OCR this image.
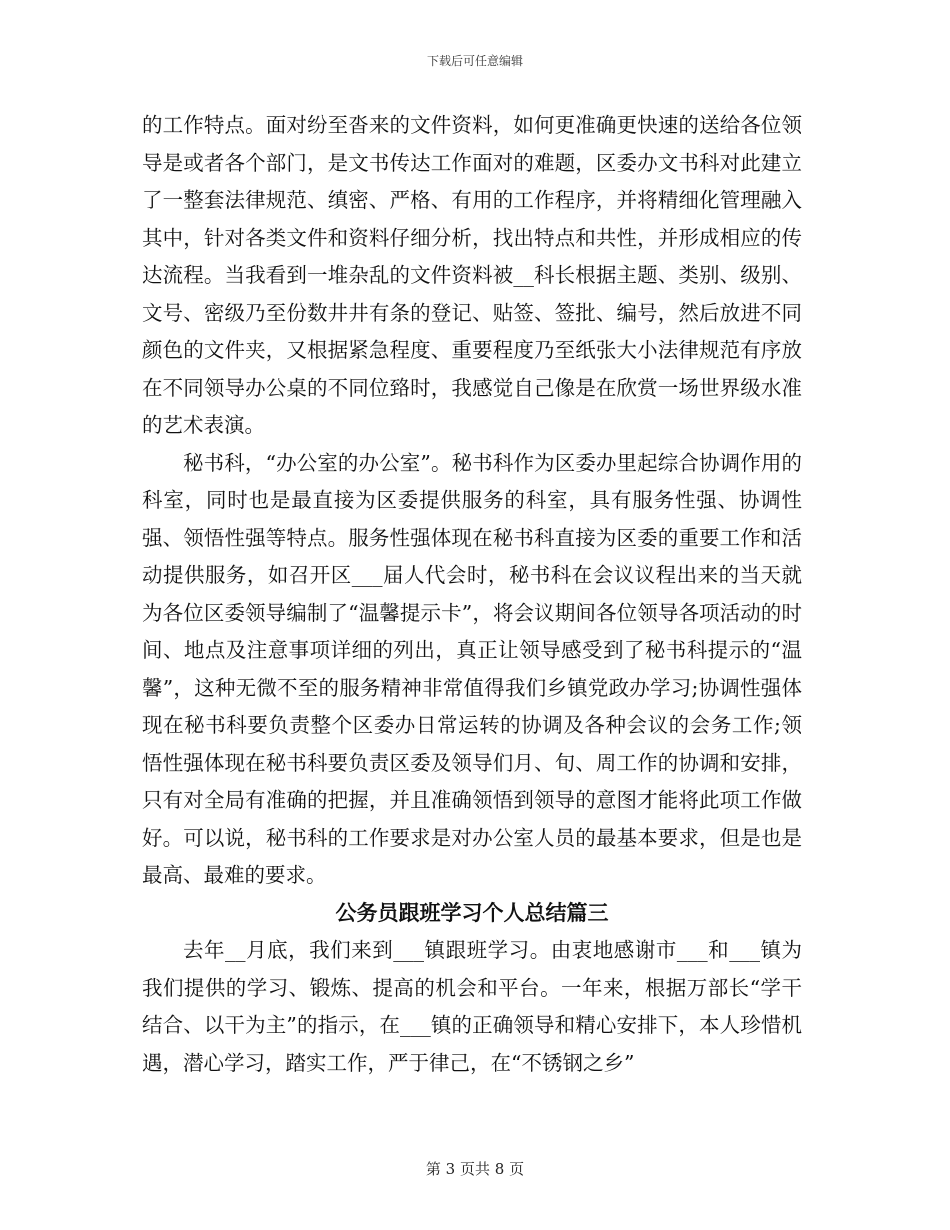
下载后可任意编辑

的工作特点。面对纷至沓来的文件资料，如何更准确更快速的送给各位领导是或者各个部门，是文书传达工作面对的难题，区委办文书科对此建立了一整套法律规范、缜密、严格、有用的工作程序，并将精细化管理融入其中，针对各类文件和资料仔细分析，找出特点和共性，并形成相应的传达流程。当我看到一堆杂乱的文件资料被__科长根据主题、类别、级别、文号、密级乃至份数井井有条的登记、贴签、签批、编号，然后放进不同颜色的文件夹，又根据紧急程度、重要程度乃至纸张大小法律规范有序放在不同领导办公桌的不同位臵时，我感觉自己像是在欣赏一场世界级水准的艺术表演。

秘书科，“办公室的办公室”。秘书科作为区委办里起综合协调作用的科室，同时也是最直接为区委提供服务的科室，具有服务性强、协调性强、领悟性强等特点。服务性强体现在秘书科直接为区委的重要工作和活动提供服务，如召开区___届人代会时，秘书科在会议议程出来的当天就为各位区委领导编制了“温馨提示卡”，将会议期间各位领导各项活动的时间、地点及注意事项详细的列出，真正让领导感受到了秘书科提示的“温馨”，这种无微不至的服务精神非常值得我们乡镇党政办学习;协调性强体现在秘书科要负责整个区委办日常运转的协调及各种会议的会务工作;领悟性强体现在秘书科要负责区委及领导们月、旬、周工作的协调和安排，只有对全局有准确的把握，并且准确领悟到领导的意图才能将此项工作做好。可以说，秘书科的工作要求是对办公室人员的最基本要求，但是也是最高、最难的要求。

公务员跟班学习个人总结篇三

去年__月底，我们来到___镇跟班学习。由衷地感谢市___和___镇为我们提供的学习、锻炼、提高的机会和平台。一年来，根据万部长“学干结合、以干为主”的指示，在___镇的正确领导和精心安排下，本人珍惜机遇，潜心学习，踏实工作，严于律己，在“不锈钢之乡”

第 3 页共 8 页
